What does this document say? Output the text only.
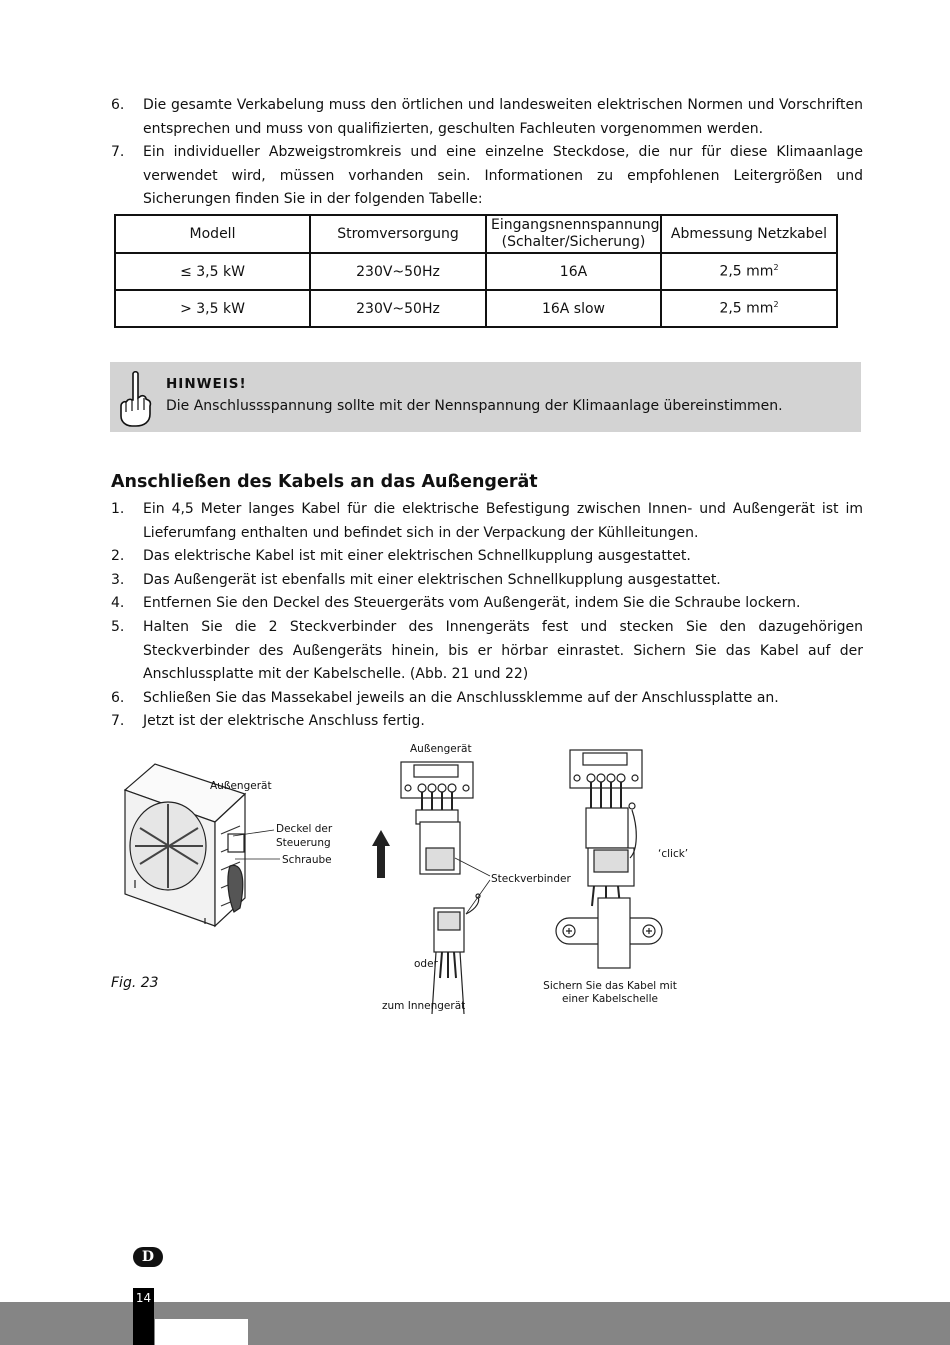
6. Die gesamte Verkabelung muss den örtlichen und landesweiten elektrischen Normen und Vorschriften entsprechen und muss von qualifizierten, geschulten Fachleuten vorgenommen werden.
7. Ein individueller Abzweigstromkreis und eine einzelne Steckdose, die nur für diese Klimaanlage verwendet wird, müssen vorhanden sein. Informationen zu empfohlenen Leitergrößen und Sicherungen finden Sie in der folgenden Tabelle:
Modell	Stromversorgung	Eingangsnennspannung (Schalter/Sicherung)	Abmessung Netzkabel
≤ 3,5 kW	230V~50Hz	16A	2,5 $mm^2$
> 3,5 kW	230V~50Hz	16A slow	2,5 $mm^2$
HINWEIS!
Die Anschlussspannung sollte mit der Nennspannung der Klimaanlage übereinstimmen.
Anschließen des Kabels an das Außengerät
1. Ein 4,5 Meter langes Kabel für die elektrische Befestigung zwischen Innen- und Außengerät ist im Lieferumfang enthalten und befindet sich in der Verpackung der Kühlleitungen.
2. Das elektrische Kabel ist mit einer elektrischen Schnellkupplung ausgestattet.
3. Das Außengerät ist ebenfalls mit einer elektrischen Schnellkupplung ausgestattet.
4. Entfernen Sie den Deckel des Steuergeräts vom Außengerät, indem Sie die Schraube lockern.
5. Halten Sie die 2 Steckverbinder des Innengeräts fest und stecken Sie den dazugehörigen Steckverbinder des Außengeräts hinein, bis er hörbar einrastet. Sichern Sie das Kabel auf der Anschlussplatte mit der Kabelschelle. (Abb. 21 und 22)
6. Schließen Sie das Massekabel jeweils an die Anschlussklemme auf der Anschlussplatte an.
7. Jetzt ist der elektrische Anschluss fertig.
Außengerät
Deckel der
Steuerung
Schraube
Außengerät
Steckverbinder
oder
zum Innengerät
‘click’
Sichern Sie das Kabel mit
einer Kabelschelle
Fig. 23
D
14
